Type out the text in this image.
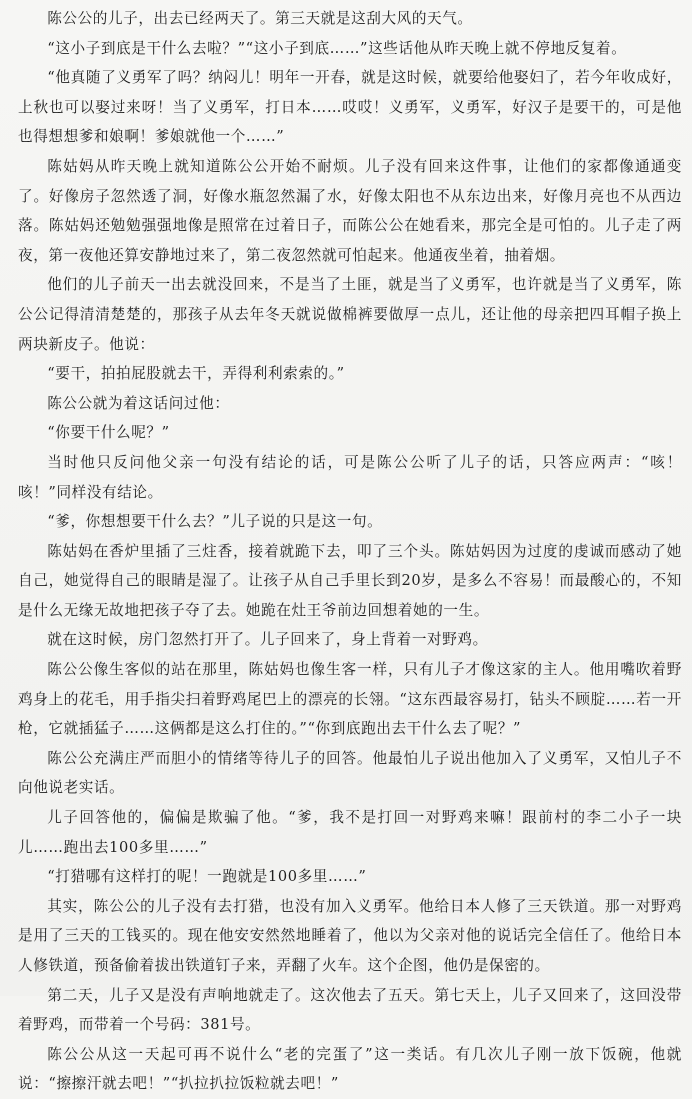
陈公公的儿子，出去已经两天了。第三天就是这刮大风的天气。

“这小子到底是干什么去啦？”“这小子到底……”这些话他从昨天晚上就不停地反复着。

“他真随了义勇军了吗？纳闷儿！明年一开春，就是这时候，就要给他娶妇了，若今年收成好，上秋也可以娶过来呀！当了义勇军，打日本……哎哎！义勇军，义勇军，好汉子是要干的，可是他也得想想爹和娘啊！爹娘就他一个……”

陈姑妈从昨天晚上就知道陈公公开始不耐烦。儿子没有回来这件事，让他们的家都像通通变了。好像房子忽然透了洞，好像水瓶忽然漏了水，好像太阳也不从东边出来，好像月亮也不从西边落。陈姑妈还勉勉强强地像是照常在过着日子，而陈公公在她看来，那完全是可怕的。儿子走了两夜，第一夜他还算安静地过来了，第二夜忽然就可怕起来。他通夜坐着，抽着烟。

他们的儿子前天一出去就没回来，不是当了土匪，就是当了义勇军，也许就是当了义勇军，陈公公记得清清楚楚的，那孩子从去年冬天就说做棉裤要做厚一点儿，还让他的母亲把四耳帽子换上两块新皮子。他说：

“要干，拍拍屁股就去干，弄得利利索索的。”

陈公公就为着这话问过他：

“你要干什么呢？”

当时他只反问他父亲一句没有结论的话，可是陈公公听了儿子的话，只答应两声：“咳！咳！”同样没有结论。

“爹，你想想要干什么去？”儿子说的只是这一句。

陈姑妈在香炉里插了三炷香，接着就跪下去，叩了三个头。陈姑妈因为过度的虔诚而感动了她自己，她觉得自己的眼睛是湿了。让孩子从自己手里长到20岁，是多么不容易！而最酸心的，不知是什么无缘无故地把孩子夺了去。她跪在灶王爷前边回想着她的一生。

就在这时候，房门忽然打开了。儿子回来了，身上背着一对野鸡。

陈公公像生客似的站在那里，陈姑妈也像生客一样，只有儿子才像这家的主人。他用嘴吹着野鸡身上的花毛，用手指尖扫着野鸡尾巴上的漂亮的长翎。“这东西最容易打，钻头不顾腚……若一开枪，它就插猛子……这俩都是这么打住的。”“你到底跑出去干什么去了呢？”

陈公公充满庄严而胆小的情绪等待儿子的回答。他最怕儿子说出他加入了义勇军，又怕儿子不向他说老实话。

儿子回答他的，偏偏是欺骗了他。“爹，我不是打回一对野鸡来嘛！跟前村的李二小子一块儿……跑出去100多里……”

“打猎哪有这样打的呢！一跑就是100多里……”

其实，陈公公的儿子没有去打猎，也没有加入义勇军。他给日本人修了三天铁道。那一对野鸡是用了三天的工钱买的。现在他安安然然地睡着了，他以为父亲对他的说话完全信任了。他给日本人修铁道，预备偷着拔出铁道钉子来，弄翻了火车。这个企图，他仍是保密的。

第二天，儿子又是没有声响地就走了。这次他去了五天。第七天上，儿子又回来了，这回没带着野鸡，而带着一个号码：381号。

陈公公从这一天起可再不说什么“老的完蛋了”这一类话。有几次儿子刚一放下饭碗，他就说：“擦擦汗就去吧！”“扒拉扒拉饭粒就去吧！”
